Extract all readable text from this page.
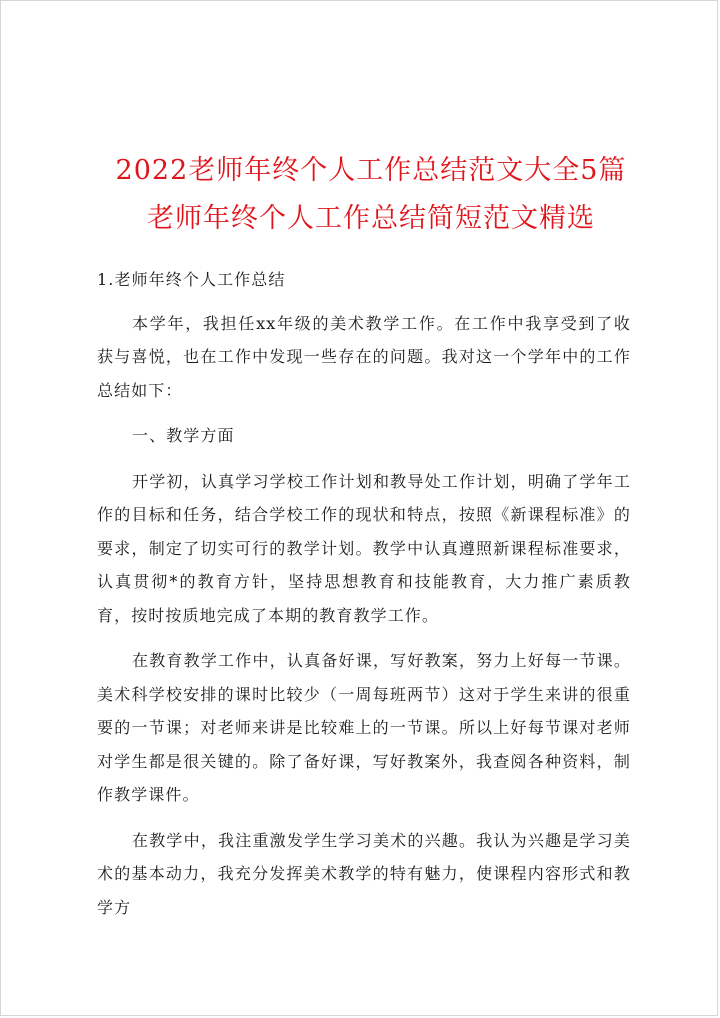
2022老师年终个人工作总结范文大全5篇 老师年终个人工作总结简短范文精选

1.老师年终个人工作总结

本学年，我担任xx年级的美术教学工作。在工作中我享受到了收获与喜悦，也在工作中发现一些存在的问题。我对这一个学年中的工作总结如下：

一、教学方面

开学初，认真学习学校工作计划和教导处工作计划，明确了学年工作的目标和任务，结合学校工作的现状和特点，按照《新课程标准》的要求，制定了切实可行的教学计划。教学中认真遵照新课程标准要求，认真贯彻*的教育方针，坚持思想教育和技能教育，大力推广素质教育，按时按质地完成了本期的教育教学工作。

在教育教学工作中，认真备好课，写好教案，努力上好每一节课。美术科学校安排的课时比较少（一周每班两节）这对于学生来讲的很重要的一节课；对老师来讲是比较难上的一节课。所以上好每节课对老师对学生都是很关键的。除了备好课，写好教案外，我查阅各种资料，制作教学课件。

在教学中，我注重激发学生学习美术的兴趣。我认为兴趣是学习美术的基本动力，我充分发挥美术教学的特有魅力，使课程内容形式和教学方
